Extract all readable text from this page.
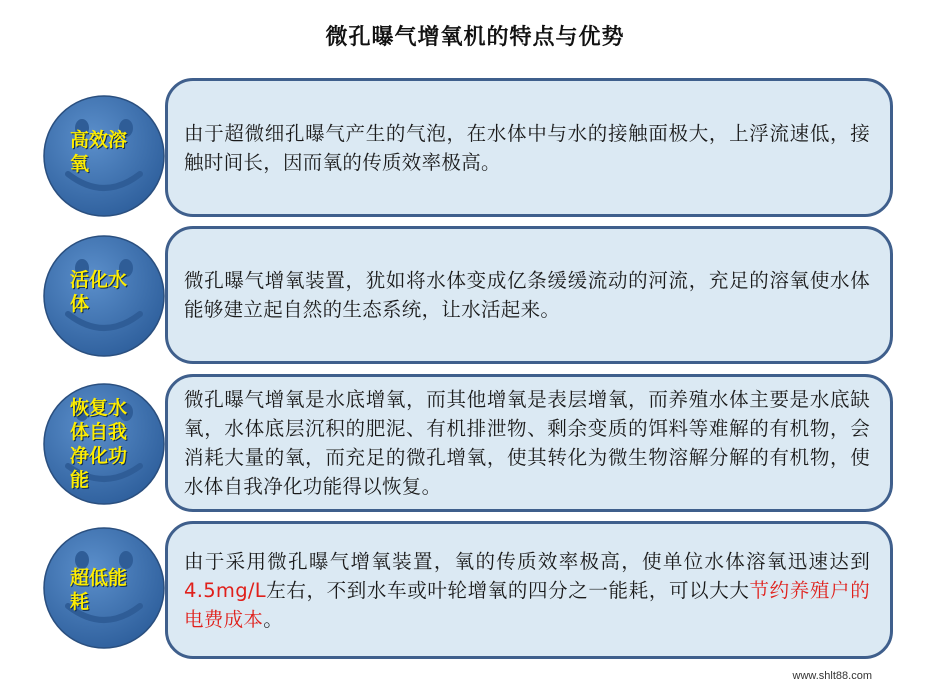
微孔曝气增氧机的特点与优势

由于超微细孔曝气产生的气泡，在水体中与水的接触面极大，上浮流速低，接触时间长，因而氧的传质效率极高。

高效溶
氧

微孔曝气增氧装置，犹如将水体变成亿条缓缓流动的河流，充足的溶氧使水体能够建立起自然的生态系统，让水活起来。

活化水
体

微孔曝气增氧是水底增氧，而其他增氧是表层增氧，而养殖水体主要是水底缺氧，水体底层沉积的肥泥、有机排泄物、剩余变质的饵料等难解的有机物，会消耗大量的氧，而充足的微孔增氧，使其转化为微生物溶解分解的有机物，使水体自我净化功能得以恢复。

恢复水
体自我
净化功
能

由于采用微孔曝气增氧装置，氧的传质效率极高，使单位水体溶氧迅速达到4.5mg/L左右，不到水车或叶轮增氧的四分之一能耗，可以大大节约养殖户的电费成本。

超低能
耗
www.shlt88.com
